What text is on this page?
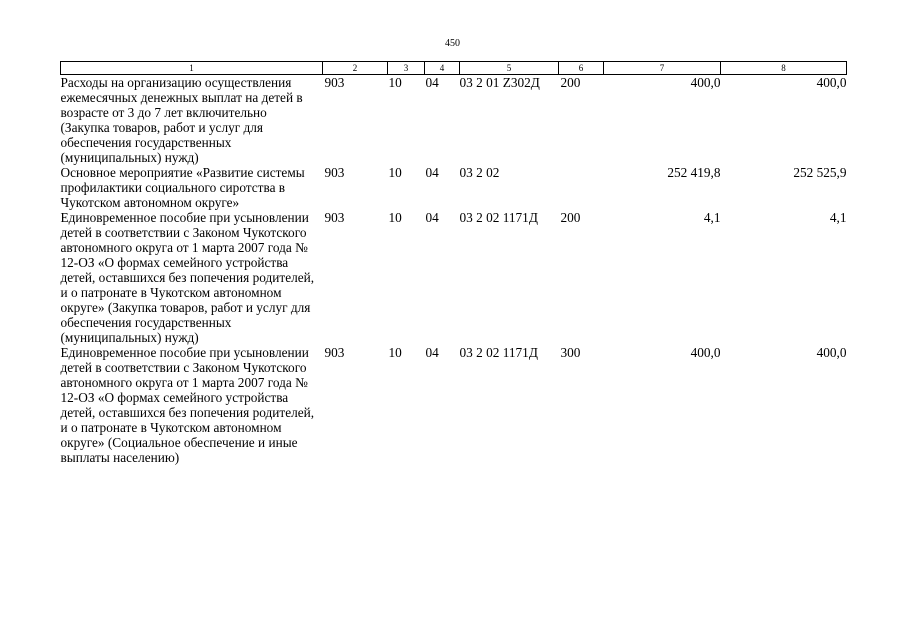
450
1	2	3	4	5	6	7	8
Расходы на организацию осуществления ежемесячных денежных выплат на детей в возрасте от 3 до 7 лет включительно (Закупка товаров, работ и услуг для обеспечения государственных (муниципальных) нужд)	903	10	04	03 2 01 Z302Д	200	400,0	400,0
Основное мероприятие «Развитие системы профилактики социального сиротства в Чукотском автономном округе»	903	10	04	03 2 02		252 419,8	252 525,9
Единовременное пособие при усыновлении детей в соответствии с Законом Чукотского автономного округа от 1 марта 2007 года № 12-ОЗ «О формах семейного устройства детей, оставшихся без попечения родителей, и о патронате в Чукотском автономном округе» (Закупка товаров, работ и услуг для обеспечения государственных (муниципальных) нужд)	903	10	04	03 2 02 1171Д	200	4,1	4,1
Единовременное пособие при усыновлении детей в соответствии с Законом Чукотского автономного округа от 1 марта 2007 года № 12-ОЗ «О формах семейного устройства детей, оставшихся без попечения родителей, и о патронате в Чукотском автономном округе» (Социальное обеспечение и иные выплаты населению)	903	10	04	03 2 02 1171Д	300	400,0	400,0
